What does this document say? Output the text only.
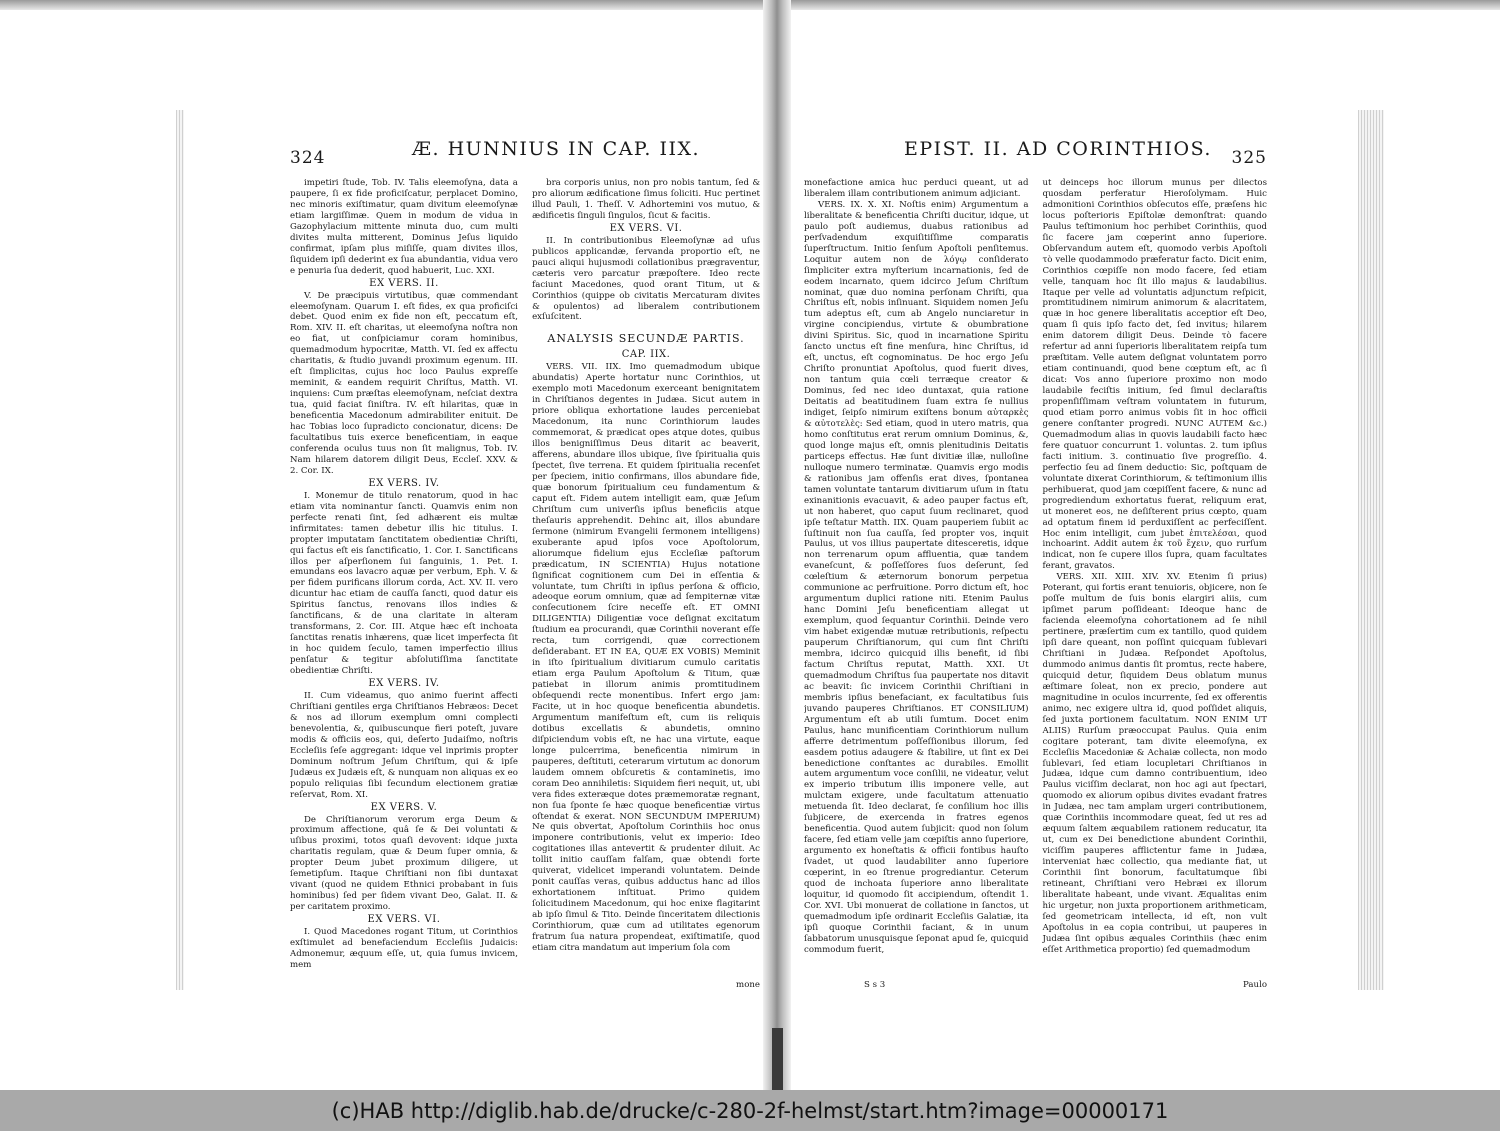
324	Æ. HUNNIUS IN CAP. IIX.

impetiri ſtude, Tob. IV. Talis eleemoſyna, data a paupere, ſi ex fide proficiſcatur, perplacet Domino, nec minoris exiſtimatur, quam divitum eleemoſynæ etiam largiſſimæ. Quem in modum de vidua in Gazophylacium mittente minuta duo, cum multi divites multa mitterent, Dominus Jeſus liquido confirmat, ipſam plus miſiſſe, quam divites illos, ſiquidem ipſi dederint ex ſua abundantia, vidua vero e penuria ſua dederit, quod habuerit, Luc. XXI.

EX VERS. II.

V. De præcipuis virtutibus, quæ commendant eleemoſynam. Quarum I. eſt fides, ex qua proficiſci debet. Quod enim ex fide non eſt, peccatum eſt, Rom. XIV. II. eſt charitas, ut eleemoſyna noſtra non eo fiat, ut conſpiciamur coram hominibus, quemadmodum hypocritæ, Matth. VI. ſed ex affectu charitatis, & ſtudio juvandi proximum egenum. III. eſt ſimplicitas, cujus hoc loco Paulus expreſſe meminit, & eandem requirit Chriſtus, Matth. VI. inquiens: Cum præſtas eleemoſynam, neſciat dextra tua, quid faciat ſiniſtra. IV. eſt hilaritas, quæ in beneficentia Macedonum admirabiliter enituit. De hac Tobias loco ſupradicto concionatur, dicens: De facultatibus tuis exerce beneficentiam, in eaque conferenda oculus tuus non ſit malignus, Tob. IV. Nam hilarem datorem diligit Deus, Eccleſ. XXV. & 2. Cor. IX.

EX VERS. IV.

I. Monemur de titulo renatorum, quod in hac etiam vita nominantur ſancti. Quamvis enim non perfecte renati ſint, ſed adhærent eis multæ infirmitates: tamen debetur illis hic titulus. I. propter imputatam ſanctitatem obedientiæ Chriſti, qui factus eſt eis ſanctificatio, 1. Cor. I. Sanctificans illos per aſperſionem ſui ſanguinis, 1. Pet. I. emundans eos lavacro aquæ per verbum, Eph. V. & per fidem purificans illorum corda, Act. XV. II. vero dicuntur hac etiam de cauſſa ſancti, quod datur eis Spiritus ſanctus, renovans illos indies & ſanctificans, & de una claritate in alteram transformans, 2. Cor. III. Atque hæc eſt inchoata ſanctitas renatis inhærens, quæ licet imperfecta ſit in hoc quidem ſeculo, tamen imperfectio illius penſatur & tegitur abſolutiſſima ſanctitate obedientiæ Chriſti.

EX VERS. IV.

II. Cum videamus, quo animo fuerint affecti Chriſtiani gentiles erga Chriſtianos Hebræos: Decet & nos ad illorum exemplum omni complecti benevolentia, &, quibuscunque fieri poteſt, juvare modis & officiis eos, qui, deſerto Judaiſmo, noſtris Eccleſiis ſeſe aggregant: idque vel inprimis propter Dominum noſtrum Jeſum Chriſtum, qui & ipſe Judæus ex Judæis eſt, & nunquam non aliquas ex eo populo reliquias ſibi ſecundum electionem gratiæ reſervat, Rom. XI.

EX VERS. V.

De Chriſtianorum verorum erga Deum & proximum affectione, quâ ſe & Dei voluntati & uſibus proximi, totos quaſi devovent: idque juxta charitatis regulam, quæ & Deum ſuper omnia, & propter Deum jubet proximum diligere, ut ſemetipſum. Itaque Chriſtiani non ſibi duntaxat vivant (quod ne quidem Ethnici probabant in ſuis hominibus) ſed per ſidem vivant Deo, Galat. II. & per caritatem proximo.

EX VERS. VI.

I. Quod Macedones rogant Titum, ut Corinthios exſtimulet ad benefaciendum Eccleſiis Judaicis: Admonemur, æquum eſſe, ut, quia ſumus invicem, mem

bra corporis unius, non pro nobis tantum, ſed & pro aliorum ædificatione ſimus ſoliciti. Huc pertinet illud Pauli, 1. Theſſ. V. Adhortemini vos mutuo, & ædificetis ſinguli ſingulos, ſicut & facitis.

EX VERS. VI.

II. In contributionibus Eleemoſynæ ad uſus publicos applicandæ, ſervanda proportio eſt, ne pauci aliqui hujusmodi collationibus prægraventur, cæteris vero parcatur præpoſtere. Ideo recte faciunt Macedones, quod orant Titum, ut & Corinthios (quippe ob civitatis Mercaturam divites & opulentos) ad liberalem contributionem exſuſcitent.

ANALYSIS SECUNDÆ PARTIS.
CAP. IIX.

VERS. VII. IIX. Imo quemadmodum ubique abundatis) Aperte hortatur nunc Corinthios, ut exemplo moti Macedonum exerceant benignitatem in Chriſtianos degentes in Judæa. Sicut autem in priore obliqua exhortatione laudes perceniebat Macedonum, ita nunc Corinthiorum laudes commemorat, & prædicat opes atque dotes, quibus illos benigniſſimus Deus ditarit ac beaverit, afferens, abundare illos ubique, ſive ſpiritualia quis ſpectet, ſive terrena. Et quidem ſpiritualia recenſet per ſpeciem, initio confirmans, illos abundare fide, quæ bonorum ſpiritualium ceu fundamentum & caput eſt. Fidem autem intelligit eam, quæ Jeſum Chriſtum cum univerſis ipſius beneficiis atque theſauris apprehendit. Dehinc ait, illos abundare ſermone (nimirum Evangelii ſermonem intelligens) exuberante apud ipſos voce Apoſtolorum, aliorumque fidelium ejus Eccleſiæ paſtorum prædicatum, IN SCIENTIA) Hujus notatione ſignificat cognitionem cum Dei in eſſentia & voluntate, tum Chriſti in ipſius perſona & officio, adeoque eorum omnium, quæ ad ſempiternæ vitæ conſecutionem ſcire neceſſe eſt. ET OMNI DILIGENTIA) Diligentiæ voce deſignat excitatum ſtudium ea procurandi, quæ Corinthii noverant eſſe recta, tum corrigendi, quæ correctionem deſiderabant. ET IN EA, QUÆ EX VOBIS) Meminit in iſto ſpiritualium divitiarum cumulo caritatis etiam erga Paulum Apoſtolum & Titum, quæ patiebat in illorum animis promtitudinem obſequendi recte monentibus. Infert ergo jam: Facite, ut in hoc quoque beneficentia abundetis. Argumentum manifeſtum eſt, cum iis reliquis dotibus excellatis & abundetis, omnino diſpiciendum vobis eſt, ne hac una virtute, eaque longe pulcerrima, beneficentia nimirum in pauperes, deſtituti, ceterarum virtutum ac donorum laudem omnem obſcuretis & contaminetis, imo coram Deo annihiletis: Siquidem fieri nequit, ut, ubi vera fides exteræque dotes præmemoratæ regnant, non ſua ſponte ſe hæc quoque beneficentiæ virtus oſtendat & exerat. NON SECUNDUM IMPERIUM) Ne quis obvertat, Apoſtolum Corinthiis hoc onus imponere contributionis, velut ex imperio: Ideo cogitationes illas antevertit & prudenter diluit. Ac tollit initio cauſſam falſam, quæ obtendi forte quiverat, videlicet imperandi voluntatem. Deinde ponit cauſſas veras, quibus adductus hanc ad illos exhortationem inſtituat. Primo quidem ſolicitudinem Macedonum, qui hoc enixe flagitarint ab ipſo ſimul & Tito. Deinde ſinceritatem dilectionis Corinthiorum, quæ cum ad utilitates egenorum fratrum ſua natura propendeat, exiſtimatiſe, quod etiam citra mandatum aut imperium ſola com

mone
EPIST. II. AD CORINTHIOS. 325

monefactione amica huc perduci queant, ut ad liberalem illam contributionem animum adjiciant.

VERS. IX. X. XI. Noſtis enim) Argumentum a liberalitate & beneficentia Chriſti ducitur, idque, ut paulo poſt audiemus, duabus rationibus ad perſvadendum exquiſitiſſime comparatis ſuperſtructum. Initio ſenſum Apoſtoli penſitemus. Loquitur autem non de λόγῳ conſiderato ſimpliciter extra myſterium incarnationis, ſed de eodem incarnato, quem idcirco Jeſum Chriſtum nominat, quæ duo nomina perſonam Chriſti, qua Chriſtus eſt, nobis inſinuant. Siquidem nomen Jeſu tum adeptus eſt, cum ab Angelo nunciaretur in virgine concipiendus, virtute & obumbratione divini Spiritus. Sic, quod in incarnatione Spiritu ſancto unctus eſt fine menſura, hinc Chriſtus, id eſt, unctus, eſt cognominatus. De hoc ergo Jeſu Chriſto pronuntiat Apoſtolus, quod fuerit dives, non tantum quia cœli terræque creator & Dominus, ſed nec ideo duntaxat, quia ratione Deitatis ad beatitudinem ſuam extra ſe nullius indiget, ſeipſo nimirum exiſtens bonum αὐταρκὲς & αὐτοτελὲς: Sed etiam, quod in utero matris, qua homo conſtitutus erat rerum omnium Dominus, &, quod longe majus eſt, omnis plenitudinis Deitatis particeps effectus. Hæ ſunt divitiæ illæ, nulloſine nulloque numero terminatæ. Quamvis ergo modis & rationibus jam offenſis erat dives, ſpontanea tamen voluntate tantarum divitiarum uſum in ſtatu exinanitionis evacuavit, & adeo pauper factus eſt, ut non haberet, quo caput ſuum reclinaret, quod ipſe teſtatur Matth. IIX. Quam pauperiem ſubiit ac ſuſtinuit non ſua cauſſa, ſed propter vos, inquit Paulus, ut vos illius paupertate ditesceretis, idque non terrenarum opum affluentia, quæ tandem evaneſcunt, & poſſeſſores ſuos deſerunt, ſed cœleſtium & æternorum bonorum perpetua communione ac perfruitione. Porro dictum eſt, hoc argumentum duplici ratione niti. Etenim Paulus hanc Domini Jeſu beneficentiam allegat ut exemplum, quod ſequantur Corinthii. Deinde vero vim habet exigendæ mutuæ retributionis, reſpectu pauperum Chriſtianorum, qui cum ſint Chriſti membra, idcirco quicquid illis benefit, id ſibi factum Chriſtus reputat, Matth. XXI. Ut quemadmodum Chriſtus ſua paupertate nos ditavit ac beavit: ſic invicem Corinthii Chriſtiani in membris ipſius benefaciant, ex facultatibus ſuis juvando pauperes Chriſtianos. ET CONSILIUM) Argumentum eſt ab utili ſumtum. Docet enim Paulus, hanc munificentiam Corinthiorum nullum afferre detrimentum poſſeſſionibus illorum, ſed easdem potius adaugere & ſtabilire, ut ſint ex Dei benedictione conſtantes ac durabiles. Emollit autem argumentum voce conſilii, ne videatur, velut ex imperio tributum illis imponere velle, aut mulctam exigere, unde facultatum attenuatio metuenda ſit. Ideo declarat, ſe conſilium hoc illis ſubjicere, de exercenda in fratres egenos beneficentia. Quod autem ſubjicit: quod non ſolum facere, ſed etiam velle jam cœpiſtis anno ſuperiore, argumento ex honeſtatis & officii fontibus hauſto ſvadet, ut quod laudabiliter anno ſuperiore cœperint, in eo ſtrenue progrediantur. Ceterum quod de inchoata ſuperiore anno liberalitate loquitur, id quomodo ſit accipiendum, oſtendit 1. Cor. XVI. Ubi monuerat de collatione in ſanctos, ut quemadmodum ipſe ordinarit Eccleſiis Galatiæ, ita ipſi quoque Corinthii faciant, & in unum ſabbatorum unusquisque ſeponat apud ſe, quicquid commodum fuerit,

ut deinceps hoc illorum munus per dilectos quosdam perferatur Hieroſolymam. Huic admonitioni Corinthios obſecutos eſſe, præſens hic locus poſterioris Epiſtolæ demonſtrat: quando Paulus teſtimonium hoc perhibet Corinthiis, quod ſic facere jam cœperint anno ſuperiore. Obſervandum autem eſt, quomodo verbis Apoſtoli τὸ velle quodammodo præferatur facto. Dicit enim, Corinthios cœpiſſe non modo facere, ſed etiam velle, tanquam hoc ſit illo majus & laudabilius. Itaque per velle ad voluntatis adjunctum reſpicit, promtitudinem nimirum animorum & alacritatem, quæ in hoc genere liberalitatis acceptior eſt Deo, quam ſi quis ipſo facto det, ſed invitus; hilarem enim datorem diligit Deus. Deinde τὸ facere refertur ad anni ſuperioris liberalitatem reipſa tum præſtitam. Velle autem deſignat voluntatem porro etiam continuandi, quod bene cœptum eſt, ac ſi dicat: Vos anno ſuperiore proximo non modo laudabile feciſtis initium, ſed ſimul declaraſtis propenſiſſimam veſtram voluntatem in futurum, quod etiam porro animus vobis ſit in hoc officii genere conſtanter progredi. NUNC AUTEM &c.) Quemadmodum alias in quovis laudabili facto hæc fere quatuor concurrunt 1. voluntas. 2. tum ipſius facti initium. 3. continuatio ſive progreſſio. 4. perfectio ſeu ad ſinem deductio: Sic, poſtquam de voluntate dixerat Corinthiorum, & teſtimonium illis perhibuerat, quod jam cœpiſſent facere, & nunc ad progrediendum exhortatus fuerat, reliquum erat, ut moneret eos, ne deſiſterent prius cœpto, quam ad optatum finem id perduxiſſent ac perfeciſſent. Hoc enim intelligit, cum jubet ἐπιτελέσαι, quod inchoarint. Addit autem ἐκ τοῦ ἔχειν, quo rurſum indicat, non ſe cupere illos ſupra, quam facultates ferant, gravatos.

VERS. XII. XIII. XIV. XV. Etenim ſi prius) Poterant, qui fortis erant tenuioris, objicere, non ſe poſſe multum de ſuis bonis elargiri aliis, cum ipſimet parum poſſideant: Ideoque hanc de facienda eleemoſyna cohortationem ad ſe nihil pertinere, præſertim cum ex tantillo, quod quidem ipſi dare queant, non poſſint quicquam ſublevari Chriſtiani in Judæa. Reſpondet Apoſtolus, dummodo animus dantis ſit promtus, recte habere, quicquid detur, ſiquidem Deus oblatum munus æſtimare ſoleat, non ex precio, pondere aut magnitudine in oculos incurrente, ſed ex offerentis animo, nec exigere ultra id, quod poſſidet aliquis, ſed juxta portionem facultatum. NON ENIM UT ALIIS) Rurſum præoccupat Paulus. Quia enim cogitare poterant, tam divite eleemoſyna, ex Eccleſiis Macedoniæ & Achaiæ collecta, non modo ſublevari, ſed etiam locupletari Chriſtianos in Judæa, idque cum damno contribuentium, ideo Paulus viciſſim declarat, non hoc agi aut ſpectari, quomodo ex aliorum opibus divites evadant fratres in Judæa, nec tam amplam urgeri contributionem, quæ Corinthiis incommodare queat, ſed ut res ad æquum ſaltem æquabilem rationem reducatur, ita ut, cum ex Dei benedictione abundent Corinthii, viciſſim pauperes afflictentur fame in Judæa, interveniat hæc collectio, qua mediante fiat, ut Corinthii ſint bonorum, facultatumque ſibi retineant, Chriſtiani vero Hebræi ex illorum liberalitate habeant, unde vivant. Æqualitas enim hic urgetur, non juxta proportionem arithmeticam, ſed geometricam intellecta, id eſt, non vult Apoſtolus in ea copia contribui, ut pauperes in Judæa ſint opibus æquales Corinthiis (hæc enim eſſet Arithmetica proportio) ſed quemadmodum

S s 3	Paulo
(c)HAB http://diglib.hab.de/drucke/c-280-2f-helmst/start.htm?image=00000171
